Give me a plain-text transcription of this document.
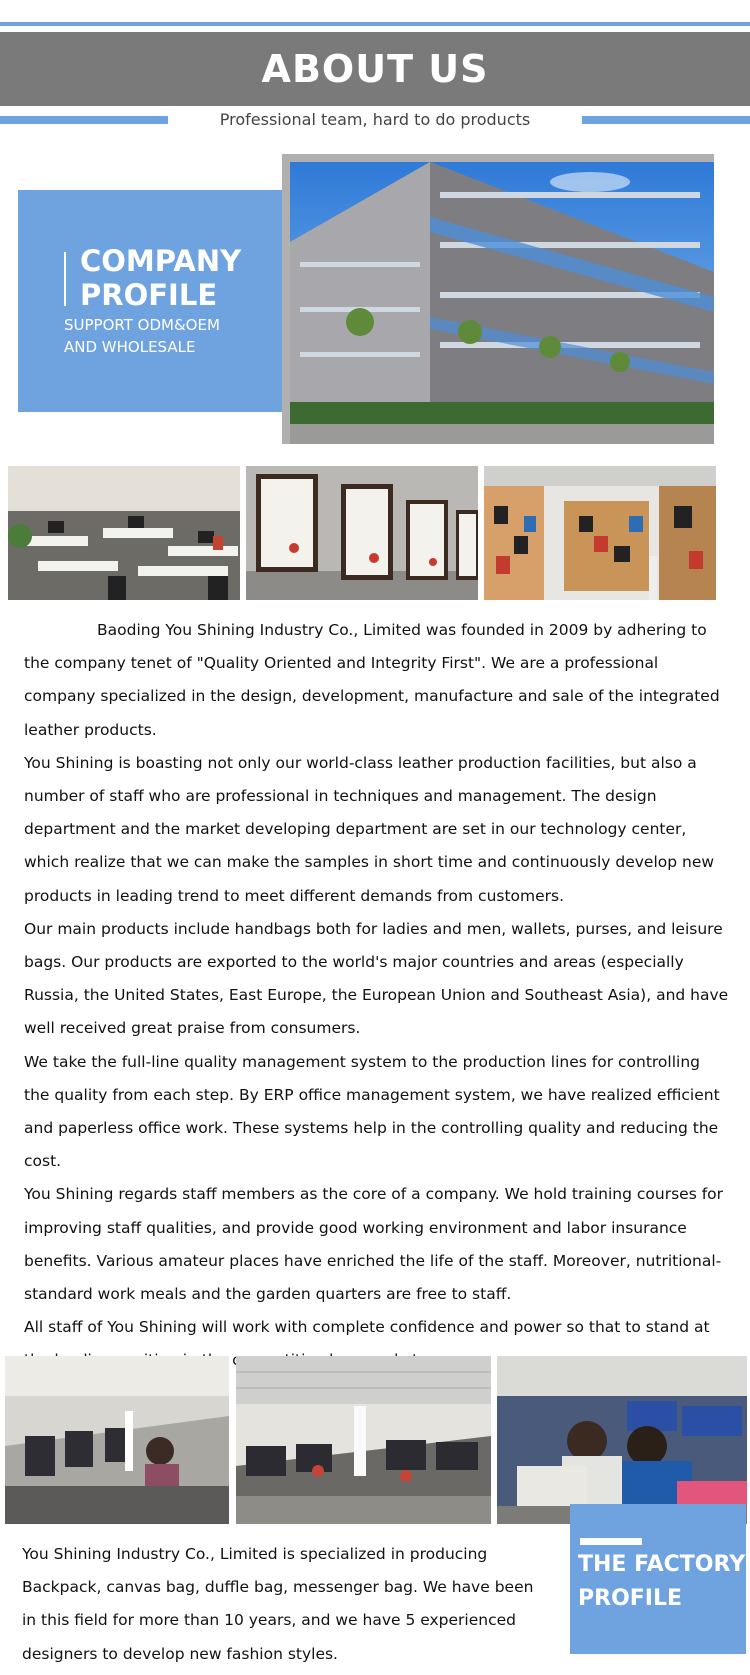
ABOUT US
Professional team, hard to do products
COMPANY
PROFILE
SUPPORT ODM&OEM
AND WHOLESALE

Baoding You Shining Industry Co., Limited was founded in 2009 by adhering to the company tenet of "Quality Oriented and Integrity First". We are a professional company specialized in the design, development, manufacture and sale of the integrated leather products.

You Shining is boasting not only our world-class leather production facilities, but also a number of staff who are professional in techniques and management. The design department and the market developing department are set in our technology center, which realize that we can make the samples in short time and continuously develop new products in leading trend to meet different demands from customers.

Our main products include handbags both for ladies and men, wallets, purses, and leisure bags. Our products are exported to the world's major countries and areas (especially Russia, the United States, East Europe, the European Union and Southeast Asia), and have well received great praise from consumers.

We take the full-line quality management system to the production lines for controlling the quality from each step. By ERP office management system, we have realized efficient and paperless office work. These systems help in the controlling quality and reducing the cost.

You Shining regards staff members as the core of a company. We hold training courses for improving staff qualities, and provide good working environment and labor insurance benefits. Various amateur places have enriched the life of the staff. Moreover, nutritional-standard work meals and the garden quarters are free to staff.

All staff of You Shining will work with complete confidence and power so that to stand at

THE FACTORY
PROFILE

You Shining Industry Co., Limited is specialized in producing Backpack, canvas bag, duffle bag, messenger bag. We have been in this field for more than 10 years, and we have 5 experienced designers to develop new fashion styles.
